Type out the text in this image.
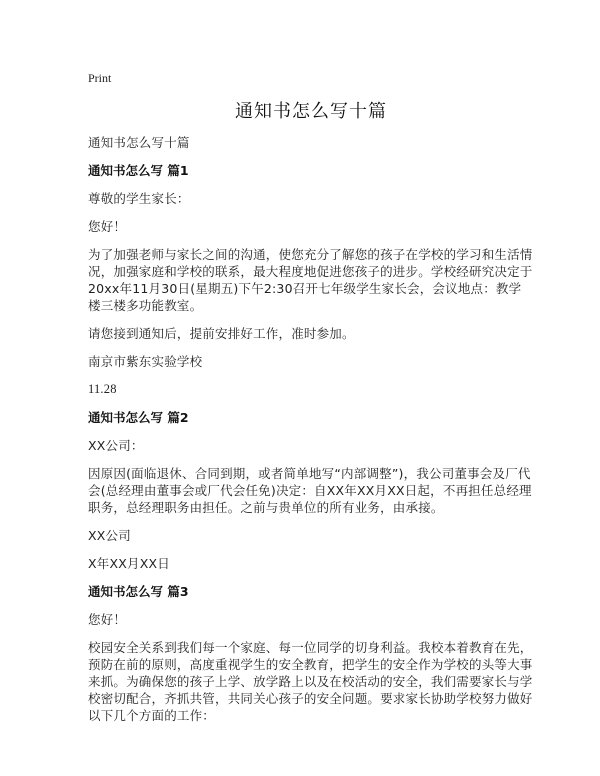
Print
通知书怎么写十篇

通知书怎么写十篇

通知书怎么写 篇1

尊敬的学生家长：

您好！

为了加强老师与家长之间的沟通，使您充分了解您的孩子在学校的学习和生活情况，加强家庭和学校的联系，最大程度地促进您孩子的进步。学校经研究决定于20xx年11月30日(星期五)下午2:30召开七年级学生家长会，会议地点：教学楼三楼多功能教室。

请您接到通知后，提前安排好工作，准时参加。

南京市紫东实验学校

11.28

通知书怎么写 篇2

XX公司：

因原因(面临退休、合同到期，或者简单地写“内部调整”)，我公司董事会及厂代会(总经理由董事会或厂代会任免)决定：自XX年XX月XX日起，不再担任总经理职务，总经理职务由担任。之前与贵单位的所有业务，由承接。

XX公司

X年XX月XX日

通知书怎么写 篇3

您好！

校园安全关系到我们每一个家庭、每一位同学的切身利益。我校本着教育在先，预防在前的原则，高度重视学生的安全教育，把学生的安全作为学校的头等大事来抓。为确保您的孩子上学、放学路上以及在校活动的安全，我们需要家长与学校密切配合，齐抓共管，共同关心孩子的安全问题。要求家长协助学校努力做好以下几个方面的工作：
